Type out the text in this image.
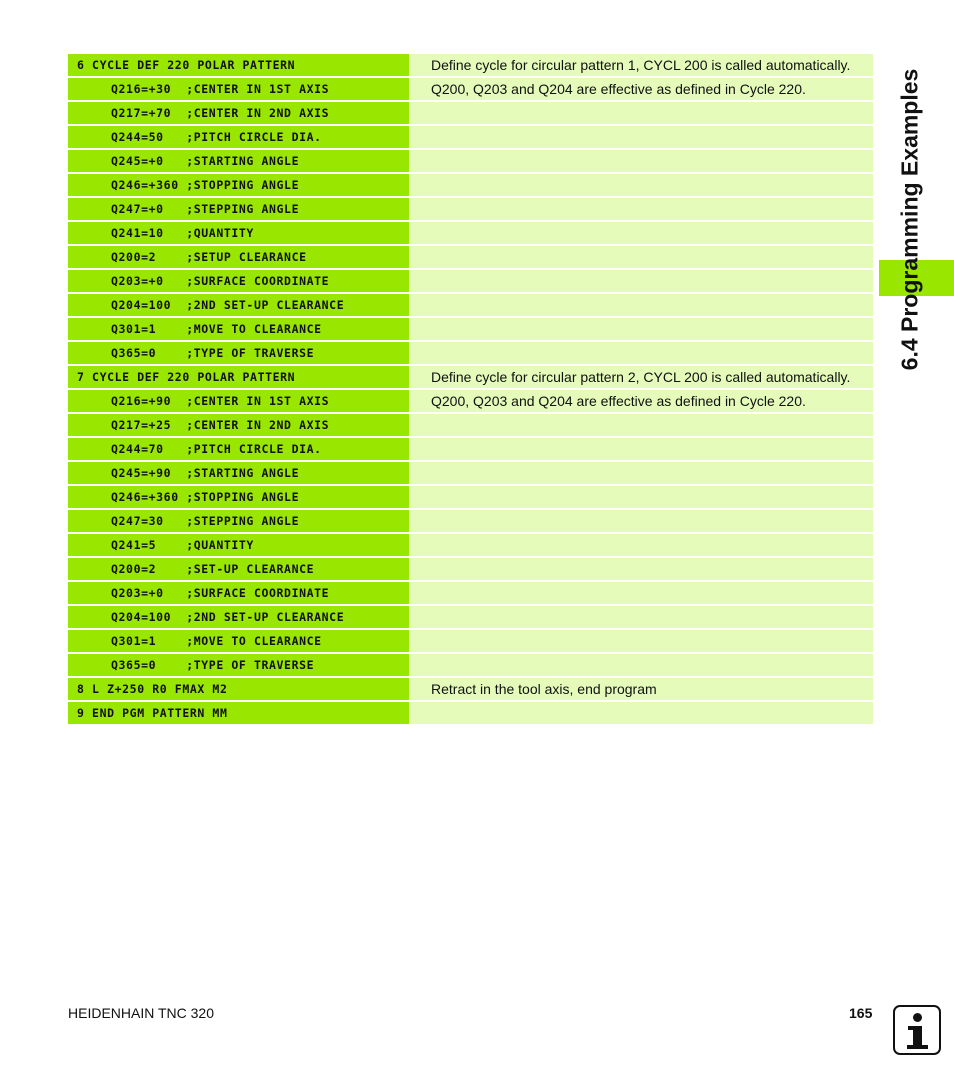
6 CYCLE DEF 220 POLAR PATTERN	Define cycle for circular pattern 1, CYCL 200 is called automatically.
Q216=+30  ;CENTER IN 1ST AXIS	Q200, Q203 and Q204 are effective as defined in Cycle 220.
Q217=+70  ;CENTER IN 2ND AXIS
Q244=50   ;PITCH CIRCLE DIA.
Q245=+0   ;STARTING ANGLE
Q246=+360 ;STOPPING ANGLE
Q247=+0   ;STEPPING ANGLE
Q241=10   ;QUANTITY
Q200=2    ;SETUP CLEARANCE
Q203=+0   ;SURFACE COORDINATE
Q204=100  ;2ND SET-UP CLEARANCE
Q301=1    ;MOVE TO CLEARANCE
Q365=0    ;TYPE OF TRAVERSE
7 CYCLE DEF 220 POLAR PATTERN	Define cycle for circular pattern 2, CYCL 200 is called automatically.
Q216=+90  ;CENTER IN 1ST AXIS	Q200, Q203 and Q204 are effective as defined in Cycle 220.
Q217=+25  ;CENTER IN 2ND AXIS
Q244=70   ;PITCH CIRCLE DIA.
Q245=+90  ;STARTING ANGLE
Q246=+360 ;STOPPING ANGLE
Q247=30   ;STEPPING ANGLE
Q241=5    ;QUANTITY
Q200=2    ;SET-UP CLEARANCE
Q203=+0   ;SURFACE COORDINATE
Q204=100  ;2ND SET-UP CLEARANCE
Q301=1    ;MOVE TO CLEARANCE
Q365=0    ;TYPE OF TRAVERSE
8 L Z+250 R0 FMAX M2	Retract in the tool axis, end program
9 END PGM PATTERN MM
6.4 Programming Examples
HEIDENHAIN TNC 320	165
